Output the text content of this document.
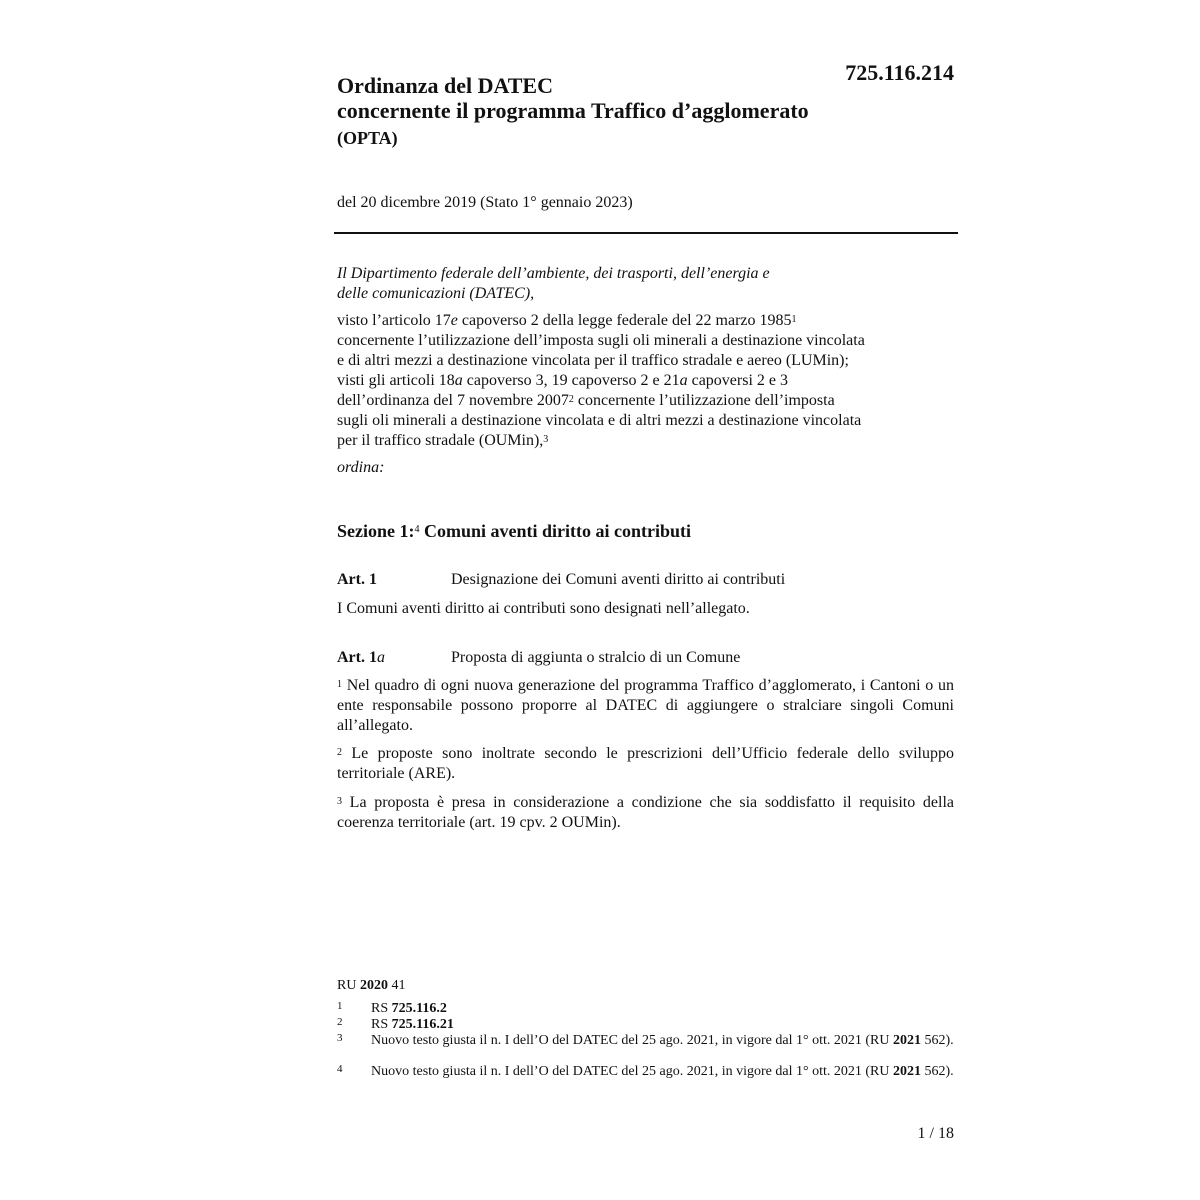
725.116.214
Ordinanza del DATEC
concernente il programma Traffico d’agglomerato
(OPTA)
del 20 dicembre 2019 (Stato 1° gennaio 2023)
Il Dipartimento federale dell’ambiente, dei trasporti, dell’energia e
delle comunicazioni (DATEC),
visto l’articolo 17e capoverso 2 della legge federale del 22 marzo 1985$^1$
concernente l’utilizzazione dell’imposta sugli oli minerali a destinazione vincolata
e di altri mezzi a destinazione vincolata per il traffico stradale e aereo (LUMin);
visti gli articoli 18a capoverso 3, 19 capoverso 2 e 21a capoversi 2 e 3
dell’ordinanza del 7 novembre 2007$^2$ concernente l’utilizzazione dell’imposta
sugli oli minerali a destinazione vincolata e di altri mezzi a destinazione vincolata
per il traffico stradale (OUMin),$^3$
ordina:
Sezione 1:$^4$ Comuni aventi diritto ai contributi
Art. 1	Designazione dei Comuni aventi diritto ai contributi

I Comuni aventi diritto ai contributi sono designati nell’allegato.

Art. 1a	Proposta di aggiunta o stralcio di un Comune

$^1$ Nel quadro di ogni nuova generazione del programma Traffico d’agglomerato, i Cantoni o un ente responsabile possono proporre al DATEC di aggiungere o stralciare singoli Comuni all’allegato.

$^2$ Le proposte sono inoltrate secondo le prescrizioni dell’Ufficio federale dello sviluppo territoriale (ARE).

$^3$ La proposta è presa in considerazione a condizione che sia soddisfatto il requisito della coerenza territoriale (art. 19 cpv. 2 OUMin).

RU 2020 41
1 RS 725.116.2
2 RS 725.116.21
3 Nuovo testo giusta il n. I dell’O del DATEC del 25 ago. 2021, in vigore dal 1° ott. 2021 (RU 2021 562).
4 Nuovo testo giusta il n. I dell’O del DATEC del 25 ago. 2021, in vigore dal 1° ott. 2021 (RU 2021 562).
1 / 18
